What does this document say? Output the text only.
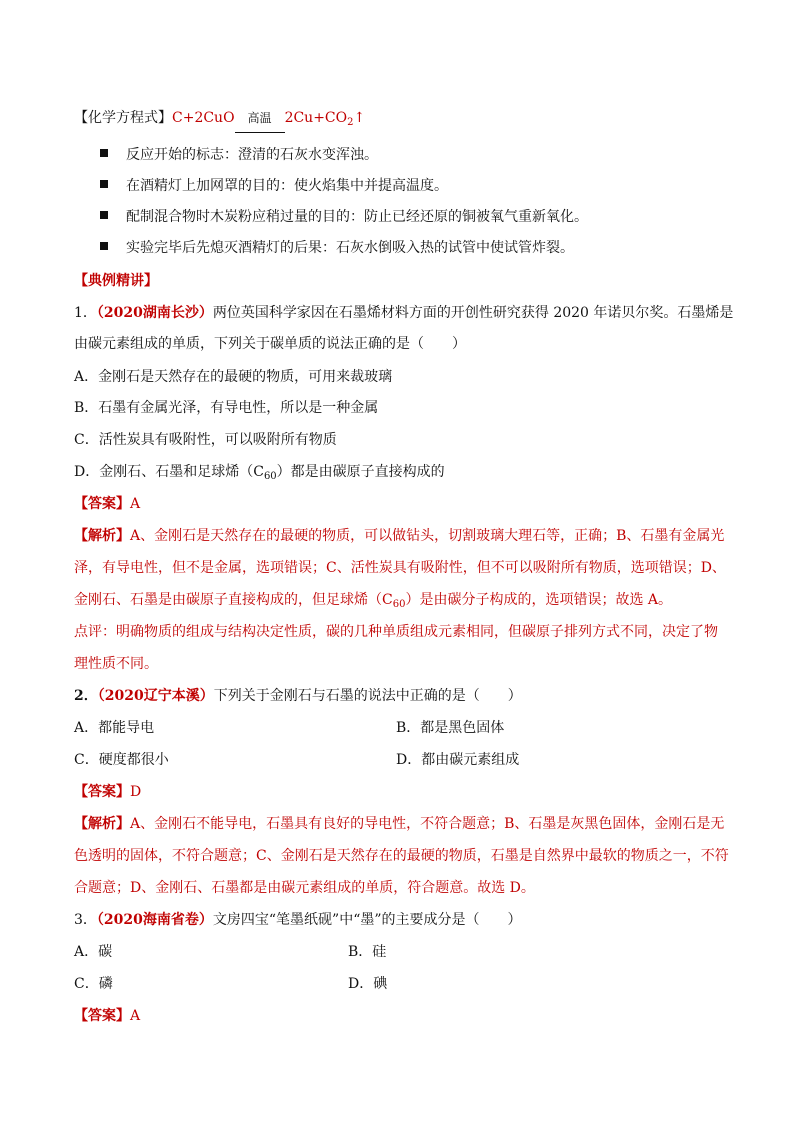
【化学方程式】C+2CuO	高温 $2Cu+CO_2↑$
反应开始的标志：澄清的石灰水变浑浊。
在酒精灯上加网罩的目的：使火焰集中并提高温度。
配制混合物时木炭粉应稍过量的目的：防止已经还原的铜被氧气重新氧化。
实验完毕后先熄灭酒精灯的后果：石灰水倒吸入热的试管中使试管炸裂。
【典例精讲】
1．（2020湖南长沙）两位英国科学家因在石墨烯材料方面的开创性研究获得 2020 年诺贝尔奖。石墨烯是
由碳元素组成的单质，下列关于碳单质的说法正确的是（　　）
A．金刚石是天然存在的最硬的物质，可用来裁玻璃
B．石墨有金属光泽，有导电性，所以是一种金属
C．活性炭具有吸附性，可以吸附所有物质
D．金刚石、石墨和足球烯$(C_{60})$都是由碳原子直接构成的
【答案】A
【解析】A、金刚石是天然存在的最硬的物质，可以做钻头，切割玻璃大理石等，正确；B、石墨有金属光
泽，有导电性，但不是金属，选项错误；C、活性炭具有吸附性，但不可以吸附所有物质，选项错误；D、
金刚石、石墨是由碳原子直接构成的，但足球烯$(C_{60})$是由碳分子构成的，选项错误；故选 A。
点评：明确物质的组成与结构决定性质，碳的几种单质组成元素相同，但碳原子排列方式不同，决定了物
理性质不同。
2．（2020辽宁本溪）下列关于金刚石与石墨的说法中正确的是（　　）
A．都能导电	B．都是黑色固体
C．硬度都很小	D．都由碳元素组成
【答案】D
【解析】A、金刚石不能导电，石墨具有良好的导电性，不符合题意；B、石墨是灰黑色固体，金刚石是无
色透明的固体，不符合题意；C、金刚石是天然存在的最硬的物质，石墨是自然界中最软的物质之一，不符
合题意；D、金刚石、石墨都是由碳元素组成的单质，符合题意。故选 D。
3．（2020海南省卷）文房四宝“笔墨纸砚”中“墨”的主要成分是（　　）
A．碳	B．硅
C．磷	D．碘
【答案】A
